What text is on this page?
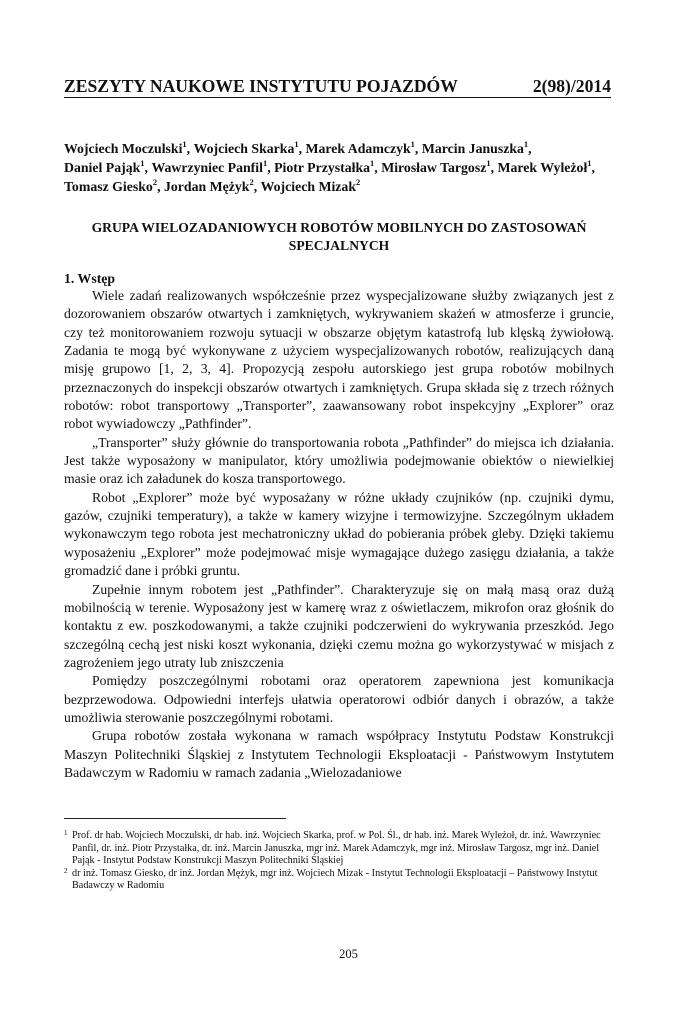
ZESZYTY NAUKOWE INSTYTUTU POJAZDÓW	2(98)/2014
Wojciech Moczulski$^1$, Wojciech Skarka$^1$, Marek Adamczyk$^1$, Marcin Januszka$^1$, Daniel Pająk$^1$, Wawrzyniec Panfil$^1$, Piotr Przystałka$^1$, Mirosław Targosz$^1$, Marek Wyleżoł$^1$, Tomasz Giesko$^2$, Jordan Mężyk$^2$, Wojciech Mizak$^2$
GRUPA WIELOZADANIOWYCH ROBOTÓW MOBILNYCH DO ZASTOSOWAŃ SPECJALNYCH
1. Wstęp

Wiele zadań realizowanych współcześnie przez wyspecjalizowane służby związanych jest z dozorowaniem obszarów otwartych i zamkniętych, wykrywaniem skażeń w atmosferze i gruncie, czy też monitorowaniem rozwoju sytuacji w obszarze objętym katastrofą lub klęską żywiołową. Zadania te mogą być wykonywane z użyciem wyspecjalizowanych robotów, realizujących daną misję grupowo [1, 2, 3, 4]. Propozycją zespołu autorskiego jest grupa robotów mobilnych przeznaczonych do inspekcji obszarów otwartych i zamkniętych. Grupa składa się z trzech różnych robotów: robot transportowy „Transporter”, zaawansowany robot inspekcyjny „Explorer” oraz robot wywiadowczy „Pathfinder”.

„Transporter” służy głównie do transportowania robota „Pathfinder” do miejsca ich działania. Jest także wyposażony w manipulator, który umożliwia podejmowanie obiektów o niewielkiej masie oraz ich załadunek do kosza transportowego.

Robot „Explorer” może być wyposażany w różne układy czujników (np. czujniki dymu, gazów, czujniki temperatury), a także w kamery wizyjne i termowizyjne. Szczególnym układem wykonawczym tego robota jest mechatroniczny układ do pobierania próbek gleby. Dzięki takiemu wyposażeniu „Explorer” może podejmować misje wymagające dużego zasięgu działania, a także gromadzić dane i próbki gruntu.

Zupełnie innym robotem jest „Pathfinder”. Charakteryzuje się on małą masą oraz dużą mobilnością w terenie. Wyposażony jest w kamerę wraz z oświetlaczem, mikrofon oraz głośnik do kontaktu z ew. poszkodowanymi, a także czujniki podczerwieni do wykrywania przeszkód. Jego szczególną cechą jest niski koszt wykonania, dzięki czemu można go wykorzystywać w misjach z zagrożeniem jego utraty lub zniszczenia

Pomiędzy poszczególnymi robotami oraz operatorem zapewniona jest komunikacja bezprzewodowa. Odpowiedni interfejs ułatwia operatorowi odbiór danych i obrazów, a także umożliwia sterowanie poszczególnymi robotami.

Grupa robotów została wykonana w ramach współpracy Instytutu Podstaw Konstrukcji Maszyn Politechniki Śląskiej z Instytutem Technologii Eksploatacji - Państwowym Instytutem Badawczym w Radomiu w ramach zadania „Wielozadaniowe

1 Prof. dr hab. Wojciech Moczulski, dr hab. inż. Wojciech Skarka, prof. w Pol. Śl., dr hab. inż. Marek Wyleżoł, dr. inż. Wawrzyniec Panfil, dr. inż. Piotr Przystałka, dr. inż. Marcin Januszka, mgr inż. Marek Adamczyk, mgr inż. Mirosław Targosz, mgr inż. Daniel Pająk - Instytut Podstaw Konstrukcji Maszyn Politechniki Śląskiej
2 dr inż. Tomasz Giesko, dr inż. Jordan Mężyk, mgr inż. Wojciech Mizak - Instytut Technologii Eksploatacji – Państwowy Instytut Badawczy w Radomiu
205
